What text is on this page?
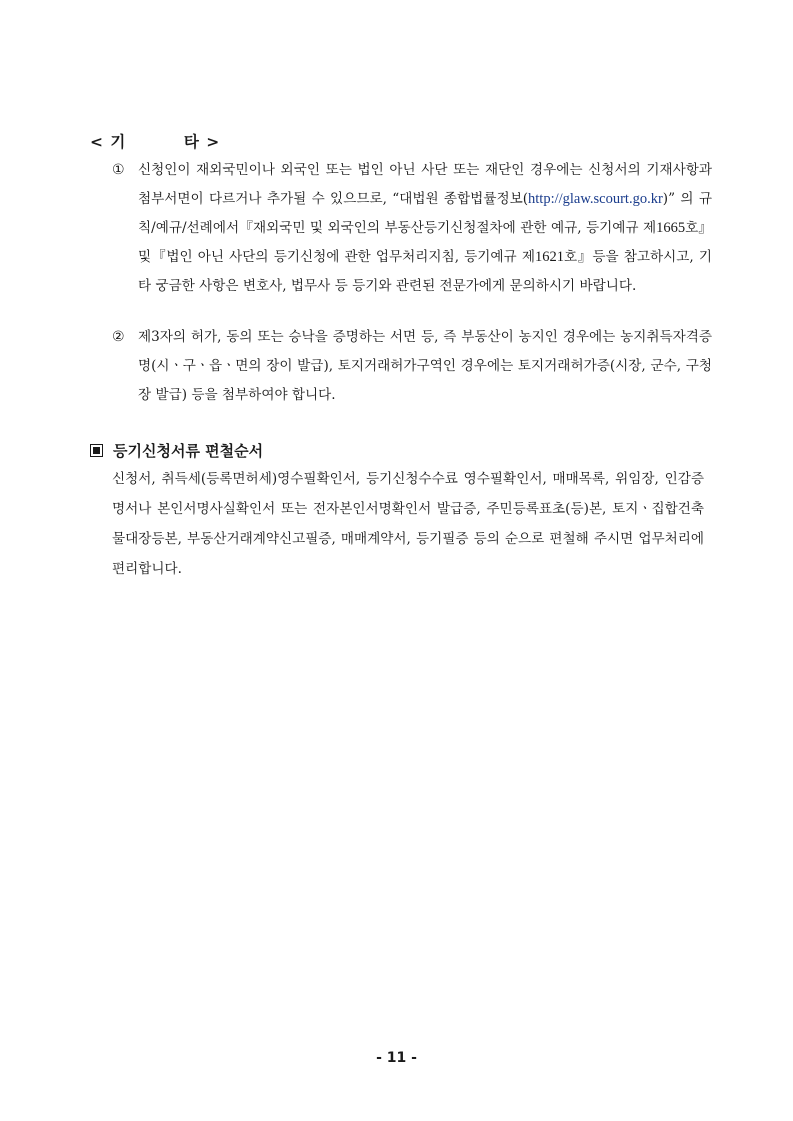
< 기         타 >
① 신청인이 재외국민이나 외국인 또는 법인 아닌 사단 또는 재단인 경우에는 신청서의 기재사항과 첨부서면이 다르거나 추가될 수 있으므로, “대법원 종합법률정보(http://glaw.scourt.go.kr)” 의 규칙/예규/선례에서『재외국민 및 외국인의 부동산등기신청절차에 관한 예규, 등기예규 제1665호』및『법인 아닌 사단의 등기신청에 관한 업무처리지침, 등기예규 제1621호』등을 참고하시고, 기타 궁금한 사항은 변호사, 법무사 등 등기와 관련된 전문가에게 문의하시기 바랍니다.
② 제3자의 허가, 동의 또는 승낙을 증명하는 서면 등, 즉 부동산이 농지인 경우에는 농지취득자격증명(시ㆍ구ㆍ읍ㆍ면의 장이 발급), 토지거래허가구역인 경우에는 토지거래허가증(시장, 군수, 구청장 발급) 등을 첨부하여야 합니다.
등기신청서류 편철순서
신청서, 취득세(등록면허세)영수필확인서, 등기신청수수료 영수필확인서, 매매목록, 위임장, 인감증명서나 본인서명사실확인서 또는 전자본인서명확인서 발급증, 주민등록표초(등)본, 토지ㆍ집합건축물대장등본, 부동산거래계약신고필증, 매매계약서, 등기필증 등의 순으로 편철해 주시면 업무처리에 편리합니다.
- 11 -
